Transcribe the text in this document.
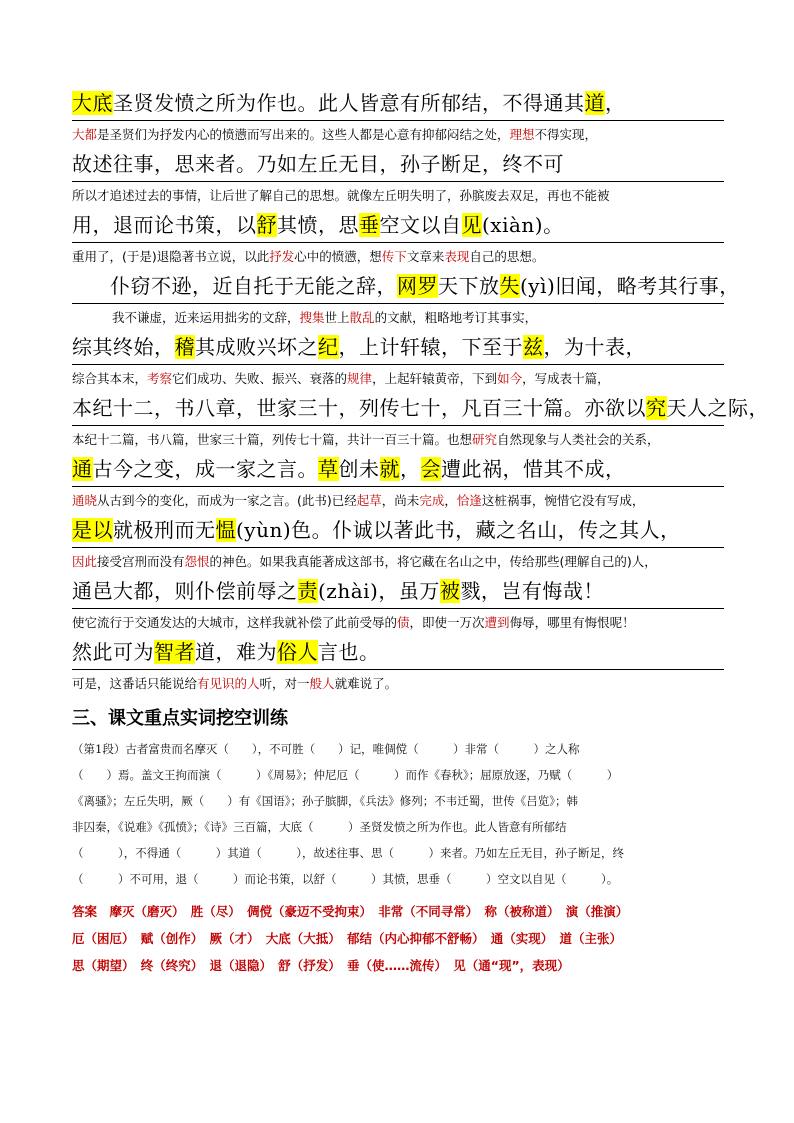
大底圣贤发愤之所为作也。此人皆意有所郁结，不得通其道，
大都是圣贤们为抒发内心的愤懑而写出来的。这些人都是心意有抑郁闷结之处，理想不得实现，
故述往事，思来者。乃如左丘无目，孙子断足，终不可
所以才追述过去的事情，让后世了解自己的思想。就像左丘明失明了，孙膑废去双足，再也不能被
用，退而论书策，以舒其愤，思垂空文以自见(xiàn)。
重用了，(于是)退隐著书立说，以此抒发心中的愤懑，想传下文章来表现自己的思想。
仆窃不逊，近自托于无能之辞，网罗天下放失(yì)旧闻，略考其行事，
我不谦虚，近来运用拙劣的文辞，搜集世上散乱的文献，粗略地考订其事实，
综其终始，稽其成败兴坏之纪，上计轩辕，下至于兹，为十表，
综合其本末，考察它们成功、失败、振兴、衰落的规律，上起轩辕黄帝，下到如今，写成表十篇，
本纪十二，书八章，世家三十，列传七十，凡百三十篇。亦欲以究天人之际，
本纪十二篇，书八篇，世家三十篇，列传七十篇，共计一百三十篇。也想研究自然现象与人类社会的关系，
通古今之变，成一家之言。草创未就，会遭此祸，惜其不成，
通晓从古到今的变化，而成为一家之言。(此书)已经起草，尚未完成，恰逢这桩祸事，惋惜它没有写成，
是以就极刑而无愠(yùn)色。仆诚以著此书，藏之名山，传之其人，
因此接受宫刑而没有怨恨的神色。如果我真能著成这部书，将它藏在名山之中，传给那些(理解自己的)人，
通邑大都，则仆偿前辱之责(zhài)，虽万被戮，岂有悔哉！
使它流行于交通发达的大城市，这样我就补偿了此前受辱的债，即使一万次遭到侮辱，哪里有悔恨呢！
然此可为智者道，难为俗人言也。
可是，这番话只能说给有见识的人听，对一般人就难说了。
三、课文重点实词挖空训练
（第1段）古者富贵而名摩灭（　　），不可胜（　　）记，唯倜傥（　　　）非常（　　　）之人称
（　　）焉。盖文王拘而演（　　　）《周易》；仲尼厄（　　　）而作《春秋》；屈原放逐，乃赋（　　　）
《离骚》；左丘失明，厥（　　）有《国语》；孙子膑脚，《兵法》修列；不韦迁蜀，世传《吕览》；韩
非囚秦，《说难》《孤愤》；《诗》三百篇，大底（　　　）圣贤发愤之所为作也。此人皆意有所郁结
（　　　），不得通（　　　）其道（　　　），故述往事、思（　　　）来者。乃如左丘无目，孙子断足，终
（　　　）不可用，退（　　　）而论书策，以舒（　　　）其愤，思垂（　　　）空文以自见（　　　）。
答案　摩灭（磨灭）　胜（尽）　倜傥（豪迈不受拘束）　非常（不同寻常）　称（被称道）　演（推演）
厄（困厄）　赋（创作）　厥（才）　大底（大抵）　郁结（内心抑郁不舒畅）　通（实现）　道（主张）
思（期望）　终（终究）　退（退隐）　舒（抒发）　垂（使……流传）　见（通“现”，表现）
